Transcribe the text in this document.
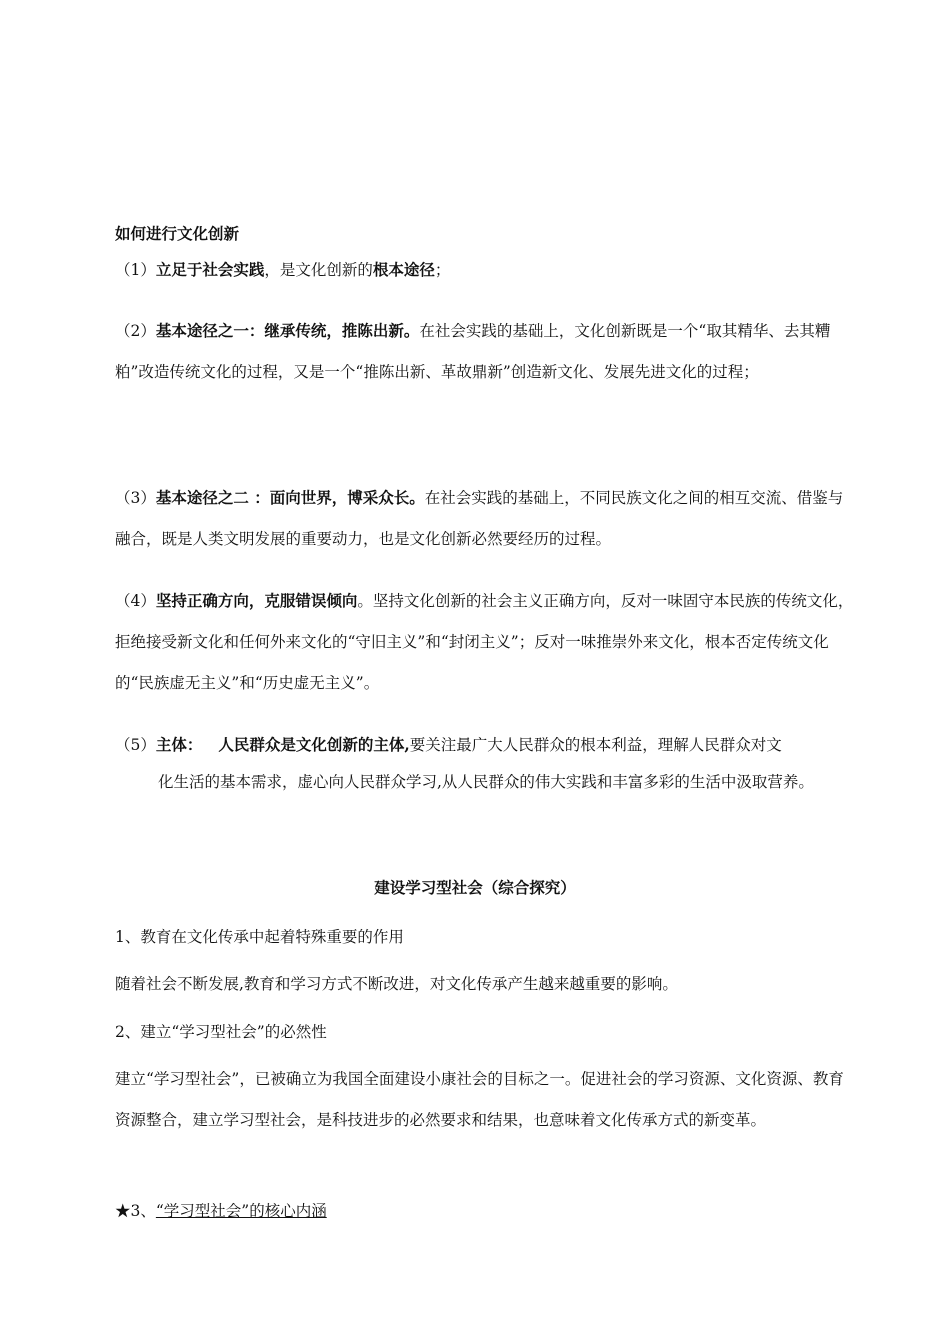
如何进行文化创新
（1）立足于社会实践，是文化创新的根本途径；
（2）基本途径之一：继承传统，推陈出新。在社会实践的基础上，文化创新既是一个“取其精华、去其糟粕”改造传统文化的过程，又是一个“推陈出新、革故鼎新”创造新文化、发展先进文化的过程；
（3）基本途径之二 ：面向世界，博采众长。在社会实践的基础上，不同民族文化之间的相互交流、借鉴与融合，既是人类文明发展的重要动力，也是文化创新必然要经历的过程。
（4）坚持正确方向，克服错误倾向。坚持文化创新的社会主义正确方向，反对一味固守本民族的传统文化，拒绝接受新文化和任何外来文化的“守旧主义”和“封闭主义”；反对一味推崇外来文化，根本否定传统文化的“民族虚无主义”和“历史虚无主义”。
（5）主体： 人民群众是文化创新的主体,要关注最广大人民群众的根本利益，理解人民群众对文
化生活的基本需求，虚心向人民群众学习,从人民群众的伟大实践和丰富多彩的生活中汲取营养。
建设学习型社会（综合探究）
1、教育在文化传承中起着特殊重要的作用
随着社会不断发展,教育和学习方式不断改进，对文化传承产生越来越重要的影响。
2、建立“学习型社会”的必然性
建立“学习型社会”，已被确立为我国全面建设小康社会的目标之一。促进社会的学习资源、文化资源、教育资源整合，建立学习型社会，是科技进步的必然要求和结果，也意味着文化传承方式的新变革。
★3、“学习型社会”的核心内涵
